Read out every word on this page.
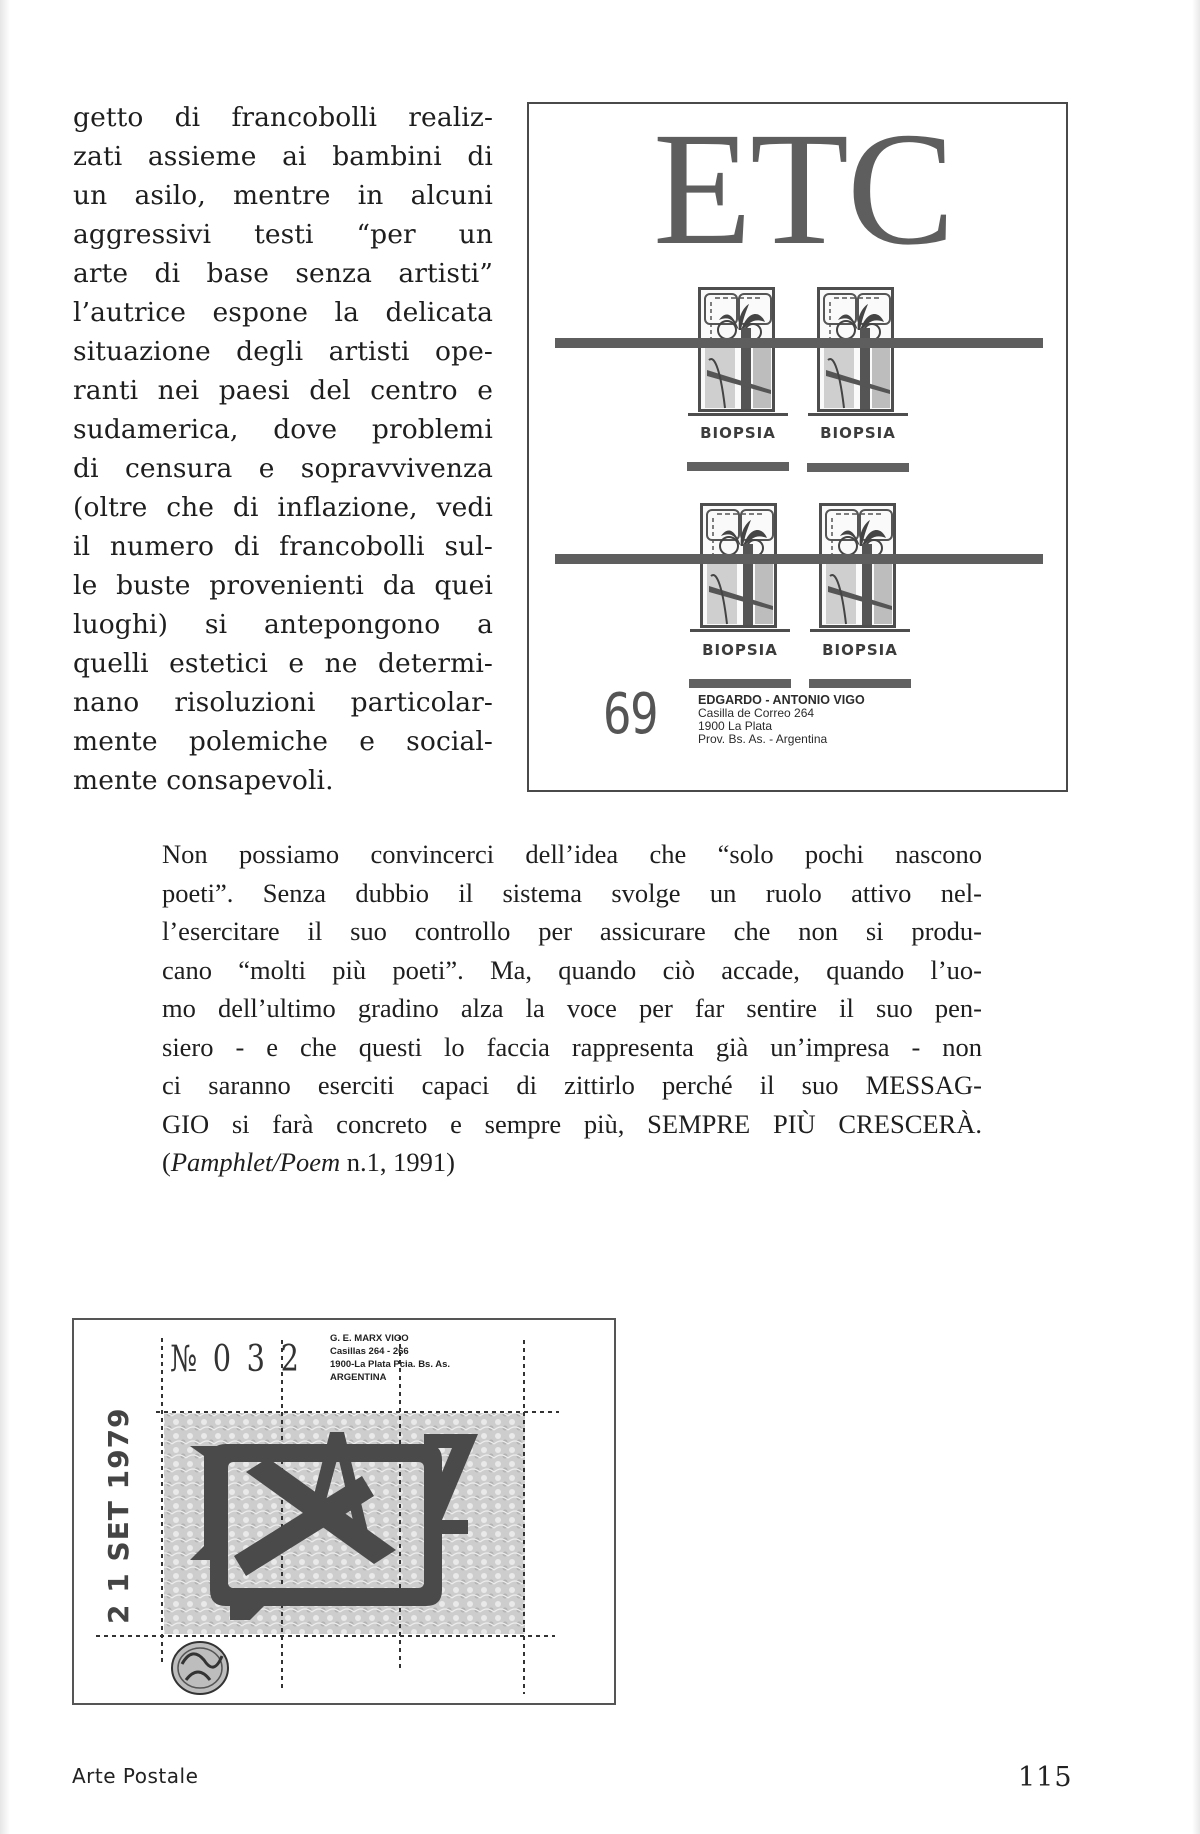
getto di francobolli realiz-
zati assieme ai bambini di
un asilo, mentre in alcuni
aggressivi testi “per un
arte di base senza artisti”
l’autrice espone la delicata
situazione degli artisti ope-
ranti nei paesi del centro e
sudamerica, dove problemi
di censura e sopravvivenza
(oltre che di inflazione, vedi
il numero di francobolli sul-
le buste provenienti da quei
luoghi) si antepongono a
quelli estetici e ne determi-
nano risoluzioni particolar-
mente polemiche e social-
mente consapevoli.
ETC
BIOPSIA	BIOPSIA
BIOPSIA	BIOPSIA
69	EDGARDO - ANTONIO VIGO
Casilla de Correo 264
1900 La Plata
Prov. Bs. As. - Argentina
Non possiamo convincerci dell’idea che “solo pochi nascono
poeti”. Senza dubbio il sistema svolge un ruolo attivo nel-
l’esercitare il suo controllo per assicurare che non si produ-
cano “molti più poeti”. Ma, quando ciò accade, quando l’uo-
mo dell’ultimo gradino alza la voce per far sentire il suo pen-
siero - e che questi lo faccia rappresenta già un’impresa - non
ci saranno eserciti capaci di zittirlo perché il suo MESSAG-
GIO si farà concreto e sempre più, SEMPRE PIÙ CRESCERÀ.
(Pamphlet/Poem n.1, 1991)
№ 0 3 2
G. E. MARX VIGO
Casillas 264 - 266
1900-La Plata Pcia. Bs. As.
ARGENTINA
2 1 SET 1979
Arte Postale	115
